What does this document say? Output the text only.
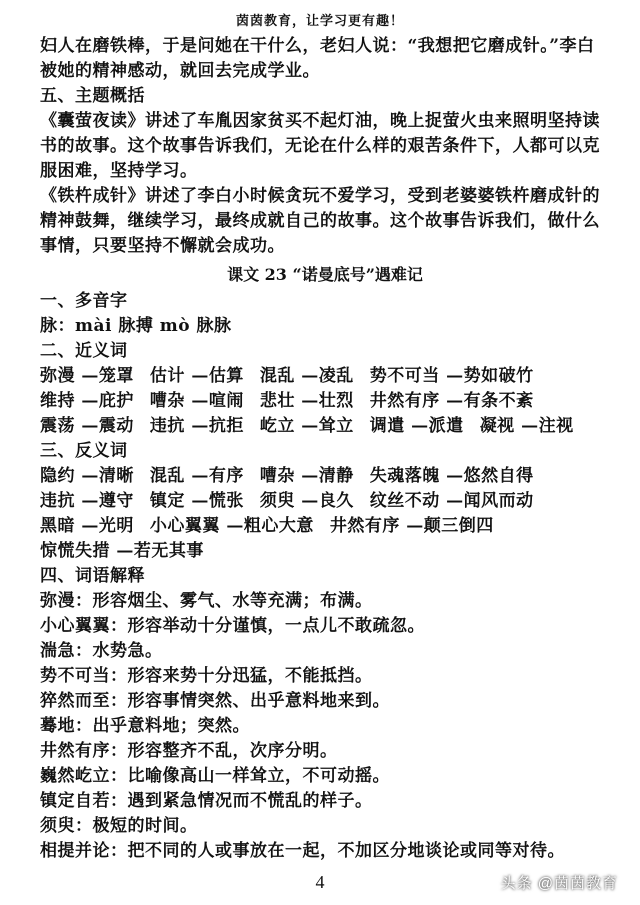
茵茵教育，让学习更有趣！
妇人在磨铁棒，于是问她在干什么，老妇人说：“我想把它磨成针。”李白
被她的精神感动，就回去完成学业。
五、主题概括
《囊萤夜读》讲述了车胤因家贫买不起灯油，晚上捉萤火虫来照明坚持读书的故事。这个故事告诉我们，无论在什么样的艰苦条件下，人都可以克服困难，坚持学习。
《铁杵成针》讲述了李白小时候贪玩不爱学习，受到老婆婆铁杵磨成针的精神鼓舞，继续学习，最终成就自己的故事。这个故事告诉我们，做什么事情，只要坚持不懈就会成功。
课文 23 “诺曼底号”遇难记
一、多音字
脉：mài 脉搏 mò 脉脉
二、近义词
弥漫 —笼罩 估计 —估算 混乱 —凌乱 势不可当 —势如破竹
维持 —庇护 嘈杂 —喧闹 悲壮 —壮烈 井然有序 —有条不紊
震荡 —震动 违抗 —抗拒 屹立 —耸立 调遣 —派遣 凝视 —注视
三、反义词
隐约 —清晰 混乱 —有序 嘈杂 —清静 失魂落魄 —悠然自得
违抗 —遵守 镇定 —慌张 须臾 —良久 纹丝不动 —闻风而动
黑暗 —光明 小心翼翼 —粗心大意 井然有序 —颠三倒四
惊慌失措 —若无其事
四、词语解释
弥漫：形容烟尘、雾气、水等充满；布满。
小心翼翼：形容举动十分谨慎，一点儿不敢疏忽。
湍急：水势急。
势不可当：形容来势十分迅猛，不能抵挡。
猝然而至：形容事情突然、出乎意料地来到。
蓦地：出乎意料地；突然。
井然有序：形容整齐不乱，次序分明。
巍然屹立：比喻像高山一样耸立，不可动摇。
镇定自若：遇到紧急情况而不慌乱的样子。
须臾：极短的时间。
相提并论：把不同的人或事放在一起，不加区分地谈论或同等对待。
4	头条 @茵茵教育
